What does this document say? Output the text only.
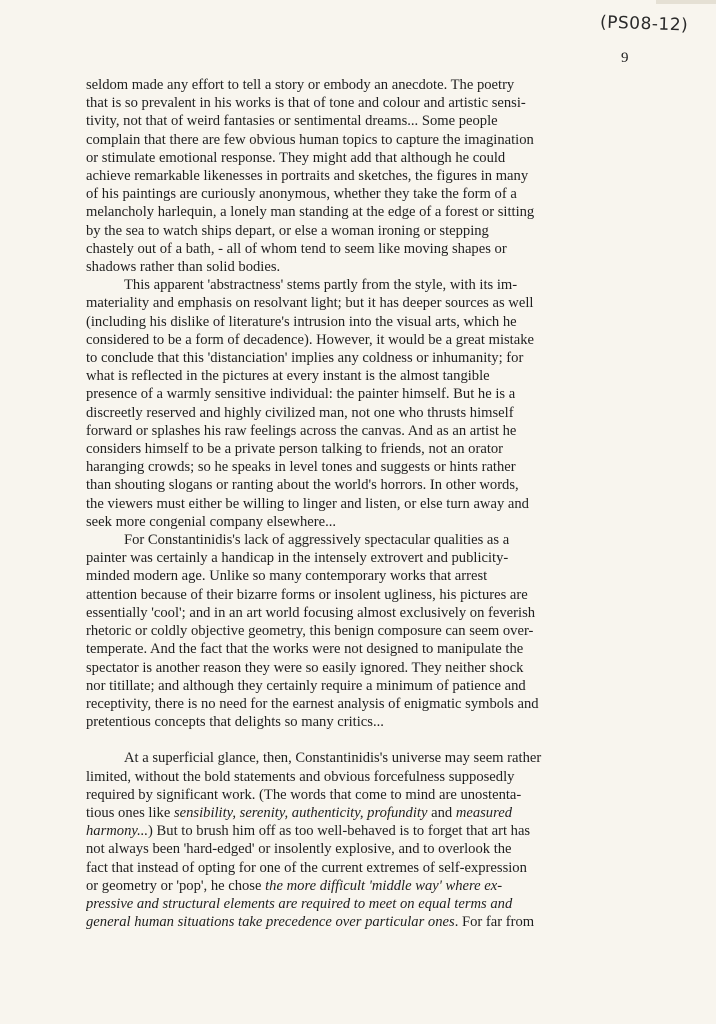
(PS08-12)
9
seldom made any effort to tell a story or embody an anecdote. The poetry
that is so prevalent in his works is that of tone and colour and artistic sensi-
tivity, not that of weird fantasies or sentimental dreams... Some people
complain that there are few obvious human topics to capture the imagination
or stimulate emotional response. They might add that although he could
achieve remarkable likenesses in portraits and sketches, the figures in many
of his paintings are curiously anonymous, whether they take the form of a
melancholy harlequin, a lonely man standing at the edge of a forest or sitting
by the sea to watch ships depart, or else a woman ironing or stepping
chastely out of a bath, - all of whom tend to seem like moving shapes or
shadows rather than solid bodies.
This apparent 'abstractness' stems partly from the style, with its im-
materiality and emphasis on resolvant light; but it has deeper sources as well
(including his dislike of literature's intrusion into the visual arts, which he
considered to be a form of decadence). However, it would be a great mistake
to conclude that this 'distanciation' implies any coldness or inhumanity; for
what is reflected in the pictures at every instant is the almost tangible
presence of a warmly sensitive individual: the painter himself. But he is a
discreetly reserved and highly civilized man, not one who thrusts himself
forward or splashes his raw feelings across the canvas. And as an artist he
considers himself to be a private person talking to friends, not an orator
haranging crowds; so he speaks in level tones and suggests or hints rather
than shouting slogans or ranting about the world's horrors. In other words,
the viewers must either be willing to linger and listen, or else turn away and
seek more congenial company elsewhere...
For Constantinidis's lack of aggressively spectacular qualities as a
painter was certainly a handicap in the intensely extrovert and publicity-
minded modern age. Unlike so many contemporary works that arrest
attention because of their bizarre forms or insolent ugliness, his pictures are
essentially 'cool'; and in an art world focusing almost exclusively on feverish
rhetoric or coldly objective geometry, this benign composure can seem over-
temperate. And the fact that the works were not designed to manipulate the
spectator is another reason they were so easily ignored. They neither shock
nor titillate; and although they certainly require a minimum of patience and
receptivity, there is no need for the earnest analysis of enigmatic symbols and
pretentious concepts that delights so many critics...
At a superficial glance, then, Constantinidis's universe may seem rather
limited, without the bold statements and obvious forcefulness supposedly
required by significant work. (The words that come to mind are unostenta-
tious ones like sensibility, serenity, authenticity, profundity and measured
harmony...) But to brush him off as too well-behaved is to forget that art has
not always been 'hard-edged' or insolently explosive, and to overlook the
fact that instead of opting for one of the current extremes of self-expression
or geometry or 'pop', he chose the more difficult 'middle way' where ex-
pressive and structural elements are required to meet on equal terms and
general human situations take precedence over particular ones. For far from
